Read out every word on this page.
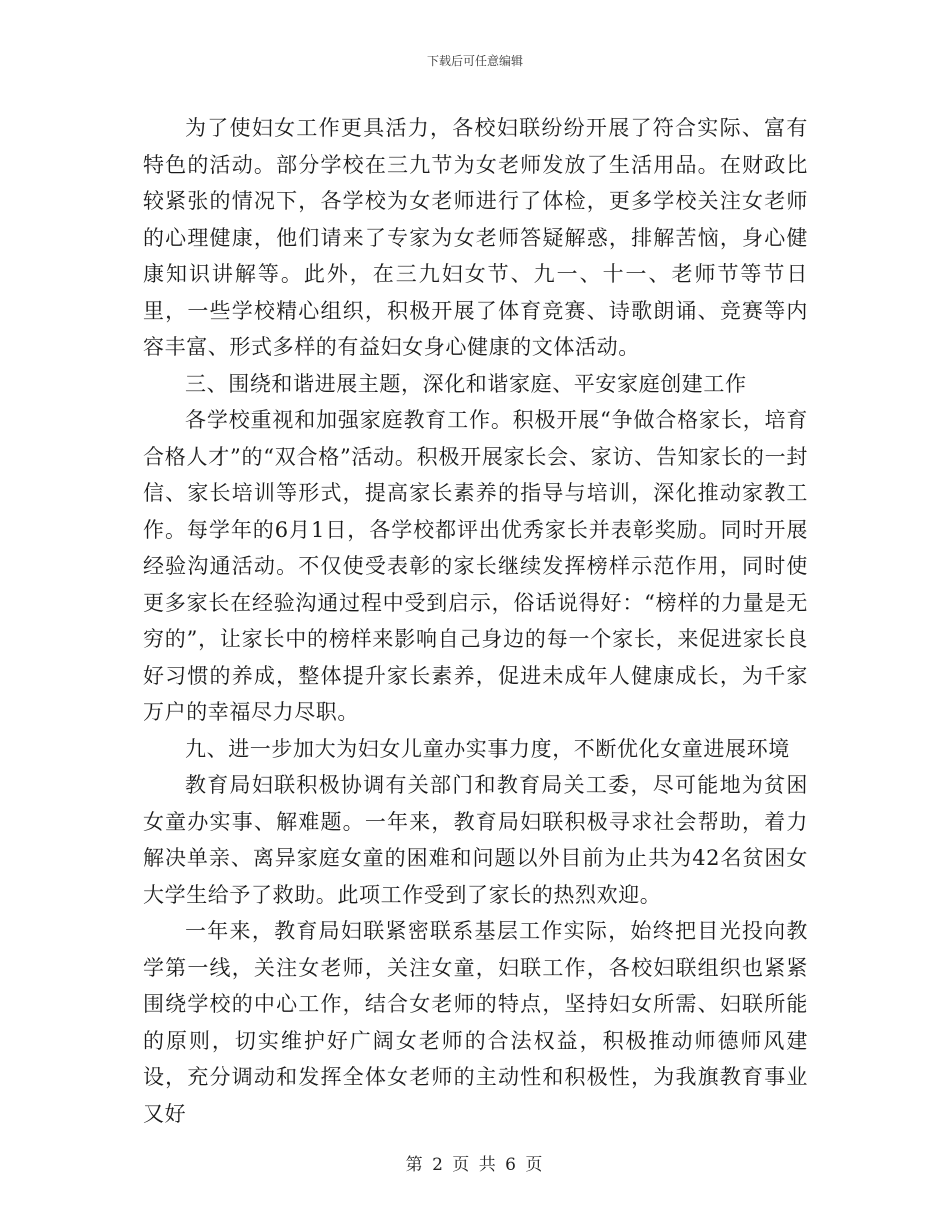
下载后可任意编辑

为了使妇女工作更具活力，各校妇联纷纷开展了符合实际、富有特色的活动。部分学校在三九节为女老师发放了生活用品。在财政比较紧张的情况下，各学校为女老师进行了体检，更多学校关注女老师的心理健康，他们请来了专家为女老师答疑解惑，排解苦恼，身心健康知识讲解等。此外，在三九妇女节、九一、十一、老师节等节日里，一些学校精心组织，积极开展了体育竞赛、诗歌朗诵、竞赛等内容丰富、形式多样的有益妇女身心健康的文体活动。

三、围绕和谐进展主题，深化和谐家庭、平安家庭创建工作

各学校重视和加强家庭教育工作。积极开展“争做合格家长，培育合格人才”的“双合格”活动。积极开展家长会、家访、告知家长的一封信、家长培训等形式，提高家长素养的指导与培训，深化推动家教工作。每学年的6月1日，各学校都评出优秀家长并表彰奖励。同时开展经验沟通活动。不仅使受表彰的家长继续发挥榜样示范作用，同时使更多家长在经验沟通过程中受到启示，俗话说得好：“榜样的力量是无穷的”，让家长中的榜样来影响自己身边的每一个家长，来促进家长良好习惯的养成，整体提升家长素养，促进未成年人健康成长，为千家万户的幸福尽力尽职。

九、进一步加大为妇女儿童办实事力度，不断优化女童进展环境

教育局妇联积极协调有关部门和教育局关工委，尽可能地为贫困女童办实事、解难题。一年来，教育局妇联积极寻求社会帮助，着力解决单亲、离异家庭女童的困难和问题以外目前为止共为42名贫困女大学生给予了救助。此项工作受到了家长的热烈欢迎。

一年来，教育局妇联紧密联系基层工作实际，始终把目光投向教学第一线，关注女老师，关注女童，妇联工作，各校妇联组织也紧紧围绕学校的中心工作，结合女老师的特点，坚持妇女所需、妇联所能的原则，切实维护好广阔女老师的合法权益，积极推动师德师风建设，充分调动和发挥全体女老师的主动性和积极性，为我旗教育事业又好

第 2 页 共 6 页
